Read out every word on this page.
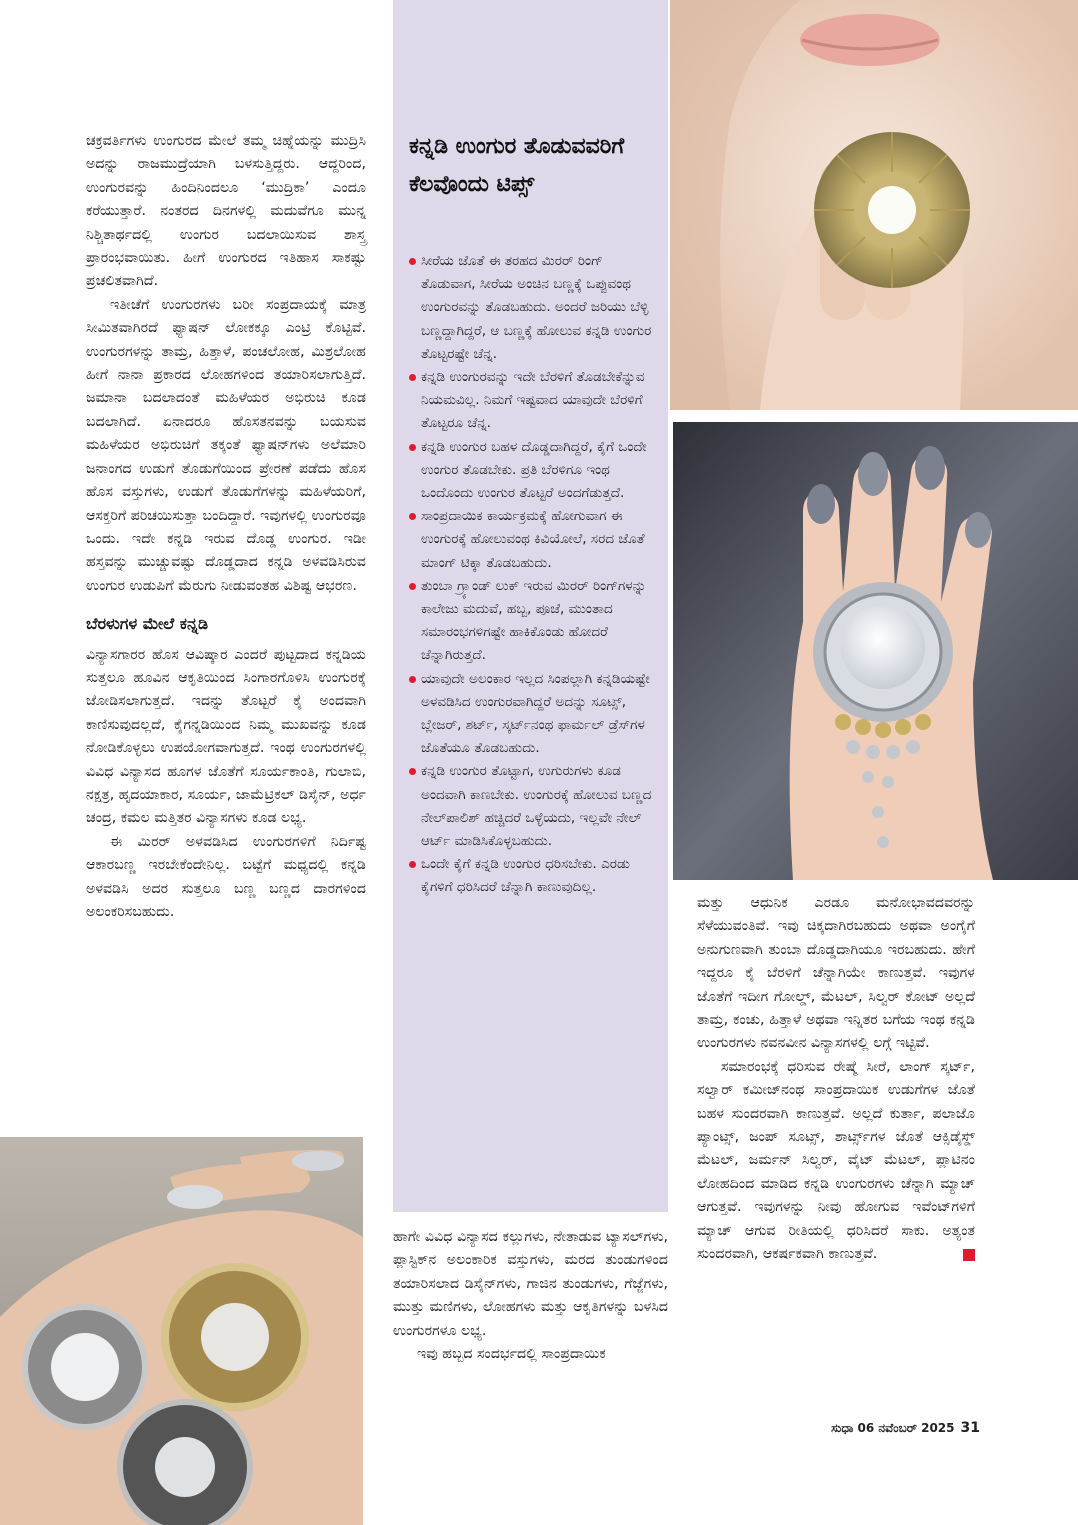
ಚಕ್ರವರ್ತಿಗಳು ಉಂಗುರದ ಮೇಲೆ ತಮ್ಮ ಚಿಹ್ನೆಯನ್ನು ಮುದ್ರಿಸಿ ಅದನ್ನು ರಾಜಮುದ್ರೆಯಾಗಿ ಬಳಸುತ್ತಿದ್ದರು. ಆದ್ದರಿಂದ, ಉಂಗುರವನ್ನು ಹಿಂದಿನಿಂದಲೂ ‘ಮುದ್ರಿಕಾ’ ಎಂದೂ ಕರೆಯುತ್ತಾರೆ. ನಂತರದ ದಿನಗಳಲ್ಲಿ ಮದುವೆಗೂ ಮುನ್ನ ನಿಶ್ಚಿತಾರ್ಥದಲ್ಲಿ ಉಂಗುರ ಬದಲಾಯಿಸುವ ಶಾಸ್ತ್ರ ಪ್ರಾರಂಭವಾಯಿತು. ಹೀಗೆ ಉಂಗುರದ ಇತಿಹಾಸ ಸಾಕಷ್ಟು ಪ್ರಚಲಿತವಾಗಿದೆ.

ಇತೀಚೆಗೆ ಉಂಗುರಗಳು ಬರೀ ಸಂಪ್ರದಾಯಕ್ಕೆ ಮಾತ್ರ ಸೀಮಿತವಾಗಿರದೆ ಫ್ಯಾಷನ್ ಲೋಕಕ್ಕೂ ಎಂಟ್ರಿ ಕೊಟ್ಟಿವೆ. ಉಂಗುರಗಳನ್ನು ತಾಮ್ರ, ಹಿತ್ತಾಳೆ, ಪಂಚಲೋಹ, ಮಿಶ್ರಲೋಹ ಹೀಗೆ ನಾನಾ ಪ್ರಕಾರದ ಲೋಹಗಳಿಂದ ತಯಾರಿಸಲಾಗುತ್ತಿದೆ. ಜಮಾನಾ ಬದಲಾದಂತೆ ಮಹಿಳೆಯರ ಅಭಿರುಚಿ ಕೂಡ ಬದಲಾಗಿದೆ. ಏನಾದರೂ ಹೊಸತನವನ್ನು ಬಯಸುವ ಮಹಿಳೆಯರ ಅಭಿರುಚಿಗೆ ತಕ್ಕಂತೆ ಫ್ಯಾಷನ್‌ಗಳು ಅಲೆಮಾರಿ ಜನಾಂಗದ ಉಡುಗೆ ತೊಡುಗೆಯಿಂದ ಪ್ರೇರಣೆ ಪಡೆದು ಹೊಸ ಹೊಸ ವಸ್ತುಗಳು, ಉಡುಗೆ ತೊಡುಗೆಗಳನ್ನು ಮಹಿಳೆಯರಿಗೆ, ಆಸಕ್ತರಿಗೆ ಪರಿಚಯಿಸುತ್ತಾ ಬಂದಿದ್ದಾರೆ. ಇವುಗಳಲ್ಲಿ ಉಂಗುರವೂ ಒಂದು. ಇದೇ ಕನ್ನಡಿ ಇರುವ ದೊಡ್ಡ ಉಂಗುರ. ಇಡೀ ಹಸ್ತವನ್ನು ಮುಚ್ಚುವಷ್ಟು ದೊಡ್ಡದಾದ ಕನ್ನಡಿ ಅಳವಡಿಸಿರುವ ಉಂಗುರ ಉಡುಪಿಗೆ ಮೆರುಗು ನೀಡುವಂತಹ ವಿಶಿಷ್ಟ ಆಭರಣ.

ಬೆರಳುಗಳ ಮೇಲೆ ಕನ್ನಡಿ

ವಿನ್ಯಾಸಗಾರರ ಹೊಸ ಆವಿಷ್ಕಾರ ಎಂದರೆ ಪುಟ್ಟದಾದ ಕನ್ನಡಿಯ ಸುತ್ತಲೂ ಹೂವಿನ ಆಕೃತಿಯಿಂದ ಸಿಂಗಾರಗೊಳಿಸಿ ಉಂಗುರಕ್ಕೆ ಜೋಡಿಸಲಾಗುತ್ತದೆ. ಇದನ್ನು ತೊಟ್ಟರೆ ಕೈ ಅಂದವಾಗಿ ಕಾಣಿಸುವುದಲ್ಲದೆ, ಕೈಗನ್ನಡಿಯಿಂದ ನಿಮ್ಮ ಮುಖವನ್ನು ಕೂಡ ನೋಡಿಕೊಳ್ಳಲು ಉಪಯೋಗವಾಗುತ್ತದೆ. ಇಂಥ ಉಂಗುರಗಳಲ್ಲಿ ವಿವಿಧ ವಿನ್ಯಾಸದ ಹೂಗಳ ಜೊತೆಗೆ ಸೂರ್ಯಕಾಂತಿ, ಗುಲಾಬಿ, ನಕ್ಷತ್ರ, ಹೃದಯಾಕಾರ, ಸೂರ್ಯ, ಜಾಮೆಟ್ರಿಕಲ್ ಡಿಸೈನ್, ಅರ್ಧ ಚಂದ್ರ, ಕಮಲ ಮತ್ತಿತರ ವಿನ್ಯಾಸಗಳು ಕೂಡ ಲಭ್ಯ.

ಈ ಮಿರರ್ ಅಳವಡಿಸಿದ ಉಂಗುರಗಳಿಗೆ ನಿರ್ದಿಷ್ಟ ಆಕಾರಬಣ್ಣ ಇರಬೇಕೆಂದೇನಿಲ್ಲ. ಬಟ್ಟೆಗೆ ಮಧ್ಯದಲ್ಲಿ ಕನ್ನಡಿ ಅಳವಡಿಸಿ ಅದರ ಸುತ್ತಲೂ ಬಣ್ಣ ಬಣ್ಣದ ದಾರಗಳಿಂದ ಅಲಂಕರಿಸಬಹುದು.

ಕನ್ನಡಿ ಉಂಗುರ ತೊಡುವವರಿಗೆ ಕೆಲವೊಂದು ಟಿಪ್ಸ್
ಸೀರೆಯ ಜೊತೆ ಈ ತರಹದ ಮಿರರ್ ರಿಂಗ್ ತೊಡುವಾಗ, ಸೀರೆಯ ಅಂಚಿನ ಬಣ್ಣಕ್ಕೆ ಒಪ್ಪುವಂಥ ಉಂಗುರವನ್ನು ತೊಡಬಹುದು. ಅಂದರೆ ಜರಿಯು ಬೆಳ್ಳಿ ಬಣ್ಣದ್ದಾಗಿದ್ದರೆ, ಆ ಬಣ್ಣಕ್ಕೆ ಹೋಲುವ ಕನ್ನಡಿ ಉಂಗುರ ತೊಟ್ಟರಷ್ಟೇ ಚೆನ್ನ.
ಕನ್ನಡಿ ಉಂಗುರವನ್ನು ಇದೇ ಬೆರಳಿಗೆ ತೊಡಬೇಕೆನ್ನುವ ನಿಯಮವಿಲ್ಲ. ನಿಮಗೆ ಇಷ್ಟವಾದ ಯಾವುದೇ ಬೆರಳಿಗೆ ತೊಟ್ಟರೂ ಚೆನ್ನ.
ಕನ್ನಡಿ ಉಂಗುರ ಬಹಳ ದೊಡ್ಡದಾಗಿದ್ದರೆ, ಕೈಗೆ ಒಂದೇ ಉಂಗುರ ತೊಡಬೇಕು. ಪ್ರತಿ ಬೆರಳಿಗೂ ಇಂಥ ಒಂದೊಂದು ಉಂಗುರ ತೊಟ್ಟರೆ ಅಂದಗೆಡುತ್ತದೆ.
ಸಾಂಪ್ರದಾಯಿಕ ಕಾರ್ಯಕ್ರಮಕ್ಕೆ ಹೋಗುವಾಗ ಈ ಉಂಗುರಕ್ಕೆ ಹೋಲುವಂಥ ಕಿವಿಯೋಲೆ, ಸರದ ಜೊತೆ ಮಾಂಗ್ ಟಿಕ್ಕಾ ತೊಡಬಹುದು.
ತುಂಬಾ ಗ್ರ್ಯಾಂಡ್ ಲುಕ್ ಇರುವ ಮಿರರ್ ರಿಂಗ್‌ಗಳನ್ನು ಕಾಲೇಜು ಮದುವೆ, ಹಬ್ಬ, ಪೂಜೆ, ಮುಂತಾದ ಸಮಾರಂಭಗಳಿಗಷ್ಟೇ ಹಾಕಿಕೊಂಡು ಹೋದರೆ ಚೆನ್ನಾಗಿರುತ್ತದೆ.
ಯಾವುದೇ ಅಲಂಕಾರ ಇಲ್ಲದ ಸಿಂಪಲ್ಲಾಗಿ ಕನ್ನಡಿಯಷ್ಟೇ ಅಳವಡಿಸಿದ ಉಂಗುರವಾಗಿದ್ದರೆ ಅದನ್ನು ಸೂಟ್ಸ್, ಬ್ಲೇಜರ್, ಶರ್ಟ್, ಸ್ಕರ್ಟ್‌ನಂಥ ಫಾರ್ಮಲ್ ಡ್ರೆಸ್‌ಗಳ ಜೊತೆಯೂ ತೊಡಬಹುದು.
ಕನ್ನಡಿ ಉಂಗುರ ತೊಟ್ಟಾಗ, ಉಗುರುಗಳು ಕೂಡ ಅಂದವಾಗಿ ಕಾಣಬೇಕು. ಉಂಗುರಕ್ಕೆ ಹೋಲುವ ಬಣ್ಣದ ನೇಲ್‌ಪಾಲಿಶ್ ಹಚ್ಚಿದರೆ ಒಳ್ಳೆಯದು, ಇಲ್ಲವೇ ನೇಲ್ ಆರ್ಟ್ ಮಾಡಿಸಿಕೊಳ್ಳಬಹುದು.
ಒಂದೇ ಕೈಗೆ ಕನ್ನಡಿ ಉಂಗುರ ಧರಿಸಬೇಕು. ಎರಡು ಕೈಗಳಿಗೆ ಧರಿಸಿದರೆ ಚೆನ್ನಾಗಿ ಕಾಣುವುದಿಲ್ಲ.

ಹಾಗೇ ವಿವಿಧ ವಿನ್ಯಾಸದ ಕಲ್ಲುಗಳು, ನೇತಾಡುವ ಟ್ಯಾಸಲ್‌ಗಳು, ಪ್ಲಾಸ್ಟಿಕ್‌ನ ಅಲಂಕಾರಿಕ ವಸ್ತುಗಳು, ಮರದ ತುಂಡುಗಳಿಂದ ತಯಾರಿಸಲಾದ ಡಿಸೈನ್‌ಗಳು, ಗಾಜಿನ ತುಂಡುಗಳು, ಗೆಜ್ಜೆಗಳು, ಮುತ್ತು ಮಣಿಗಳು, ಲೋಹಗಳು ಮತ್ತು ಆಕೃತಿಗಳನ್ನು ಬಳಸಿದ ಉಂಗುರಗಳೂ ಲಭ್ಯ.

ಇವು ಹಬ್ಬದ ಸಂದರ್ಭದಲ್ಲಿ ಸಾಂಪ್ರದಾಯಿಕ

ಮತ್ತು ಆಧುನಿಕ ಎರಡೂ ಮನೋಭಾವದವರನ್ನು ಸೆಳೆಯುವಂತಿವೆ. ಇವು ಚಿಕ್ಕದಾಗಿರಬಹುದು ಅಥವಾ ಅಂಗೈಗೆ ಅನುಗುಣವಾಗಿ ತುಂಬಾ ದೊಡ್ಡದಾಗಿಯೂ ಇರಬಹುದು. ಹೇಗೆ ಇದ್ದರೂ ಕೈ ಬೆರಳಿಗೆ ಚೆನ್ನಾಗಿಯೇ ಕಾಣುತ್ತವೆ. ಇವುಗಳ ಜೊತೆಗೆ ಇದೀಗ ಗೋಲ್ಡ್, ಮೆಟಲ್, ಸಿಲ್ವರ್ ಕೋಟ್ ಅಲ್ಲದೆ ತಾಮ್ರ, ಕಂಚು, ಹಿತ್ತಾಳೆ ಅಥವಾ ಇನ್ನಿತರ ಬಗೆಯ ಇಂಥ ಕನ್ನಡಿ ಉಂಗುರಗಳು ನವನವೀನ ವಿನ್ಯಾಸಗಳಲ್ಲಿ ಲಗ್ಗೆ ಇಟ್ಟಿವೆ.

ಸಮಾರಂಭಕ್ಕೆ ಧರಿಸುವ ರೇಷ್ಮೆ ಸೀರೆ, ಲಾಂಗ್ ಸ್ಕರ್ಟ್, ಸಲ್ವಾರ್ ಕಮೀಜ್‌ನಂಥ ಸಾಂಪ್ರದಾಯಿಕ ಉಡುಗೆಗಳ ಜೊತೆ ಬಹಳ ಸುಂದರವಾಗಿ ಕಾಣುತ್ತವೆ. ಅಲ್ಲದೆ ಕುರ್ತಾ, ಪಲಾಜೊ ಪ್ಯಾಂಟ್ಸ್, ಜಂಪ್ ಸೂಟ್ಸ್, ಶಾರ್ಟ್ಸ್‌ಗಳ ಜೊತೆ ಆಕ್ಸಿಡೈಸ್ಡ್ ಮೆಟಲ್, ಜರ್ಮನ್ ಸಿಲ್ವರ್, ವೈಟ್ ಮೆಟಲ್, ಪ್ಲಾಟಿನಂ ಲೋಹದಿಂದ ಮಾಡಿದ ಕನ್ನಡಿ ಉಂಗುರಗಳು ಚೆನ್ನಾಗಿ ಮ್ಯಾಚ್ ಆಗುತ್ತವೆ. ಇವುಗಳನ್ನು ನೀವು ಹೋಗುವ ಇವೆಂಟ್‌ಗಳಿಗೆ ಮ್ಯಾಚ್ ಆಗುವ ರೀತಿಯಲ್ಲಿ ಧರಿಸಿದರೆ ಸಾಕು. ಅತ್ಯಂತ ಸುಂದರವಾಗಿ, ಆಕರ್ಷಕವಾಗಿ ಕಾಣುತ್ತವೆ.

ಸುಧಾ 06 ನವೆಂಬರ್ 2025 31
